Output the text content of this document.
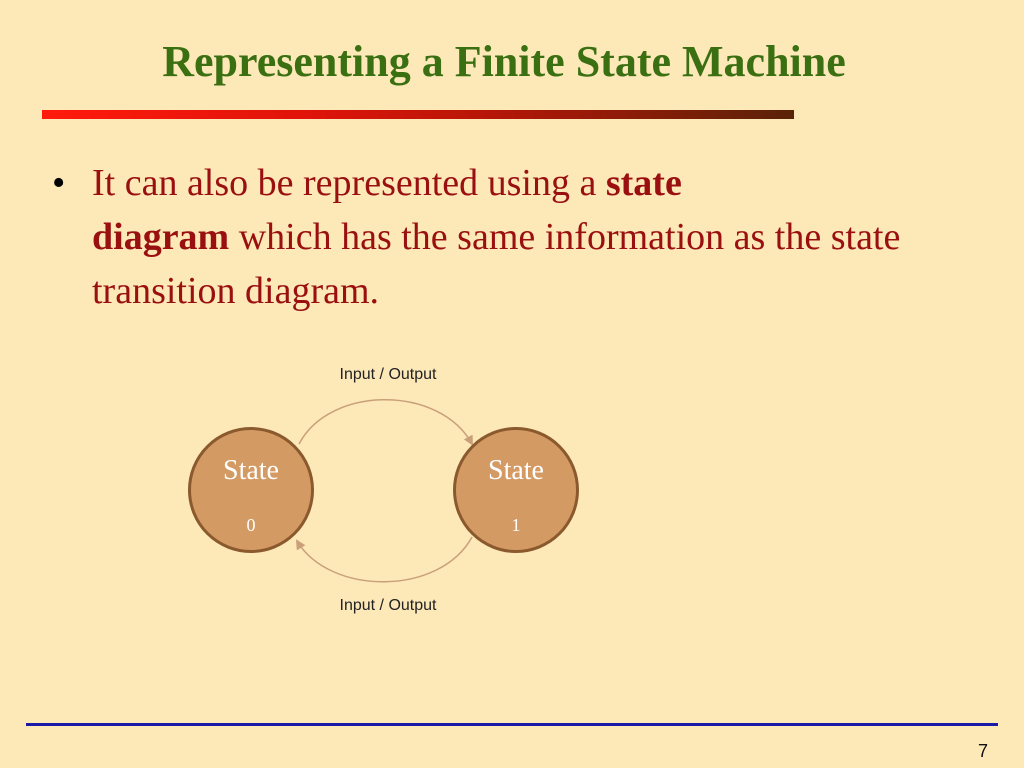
Representing a Finite State Machine
• It can also be represented using a state
diagram which has the same information as the state transition diagram.
Input / Output
Input / Output
State
0
State
1
7
